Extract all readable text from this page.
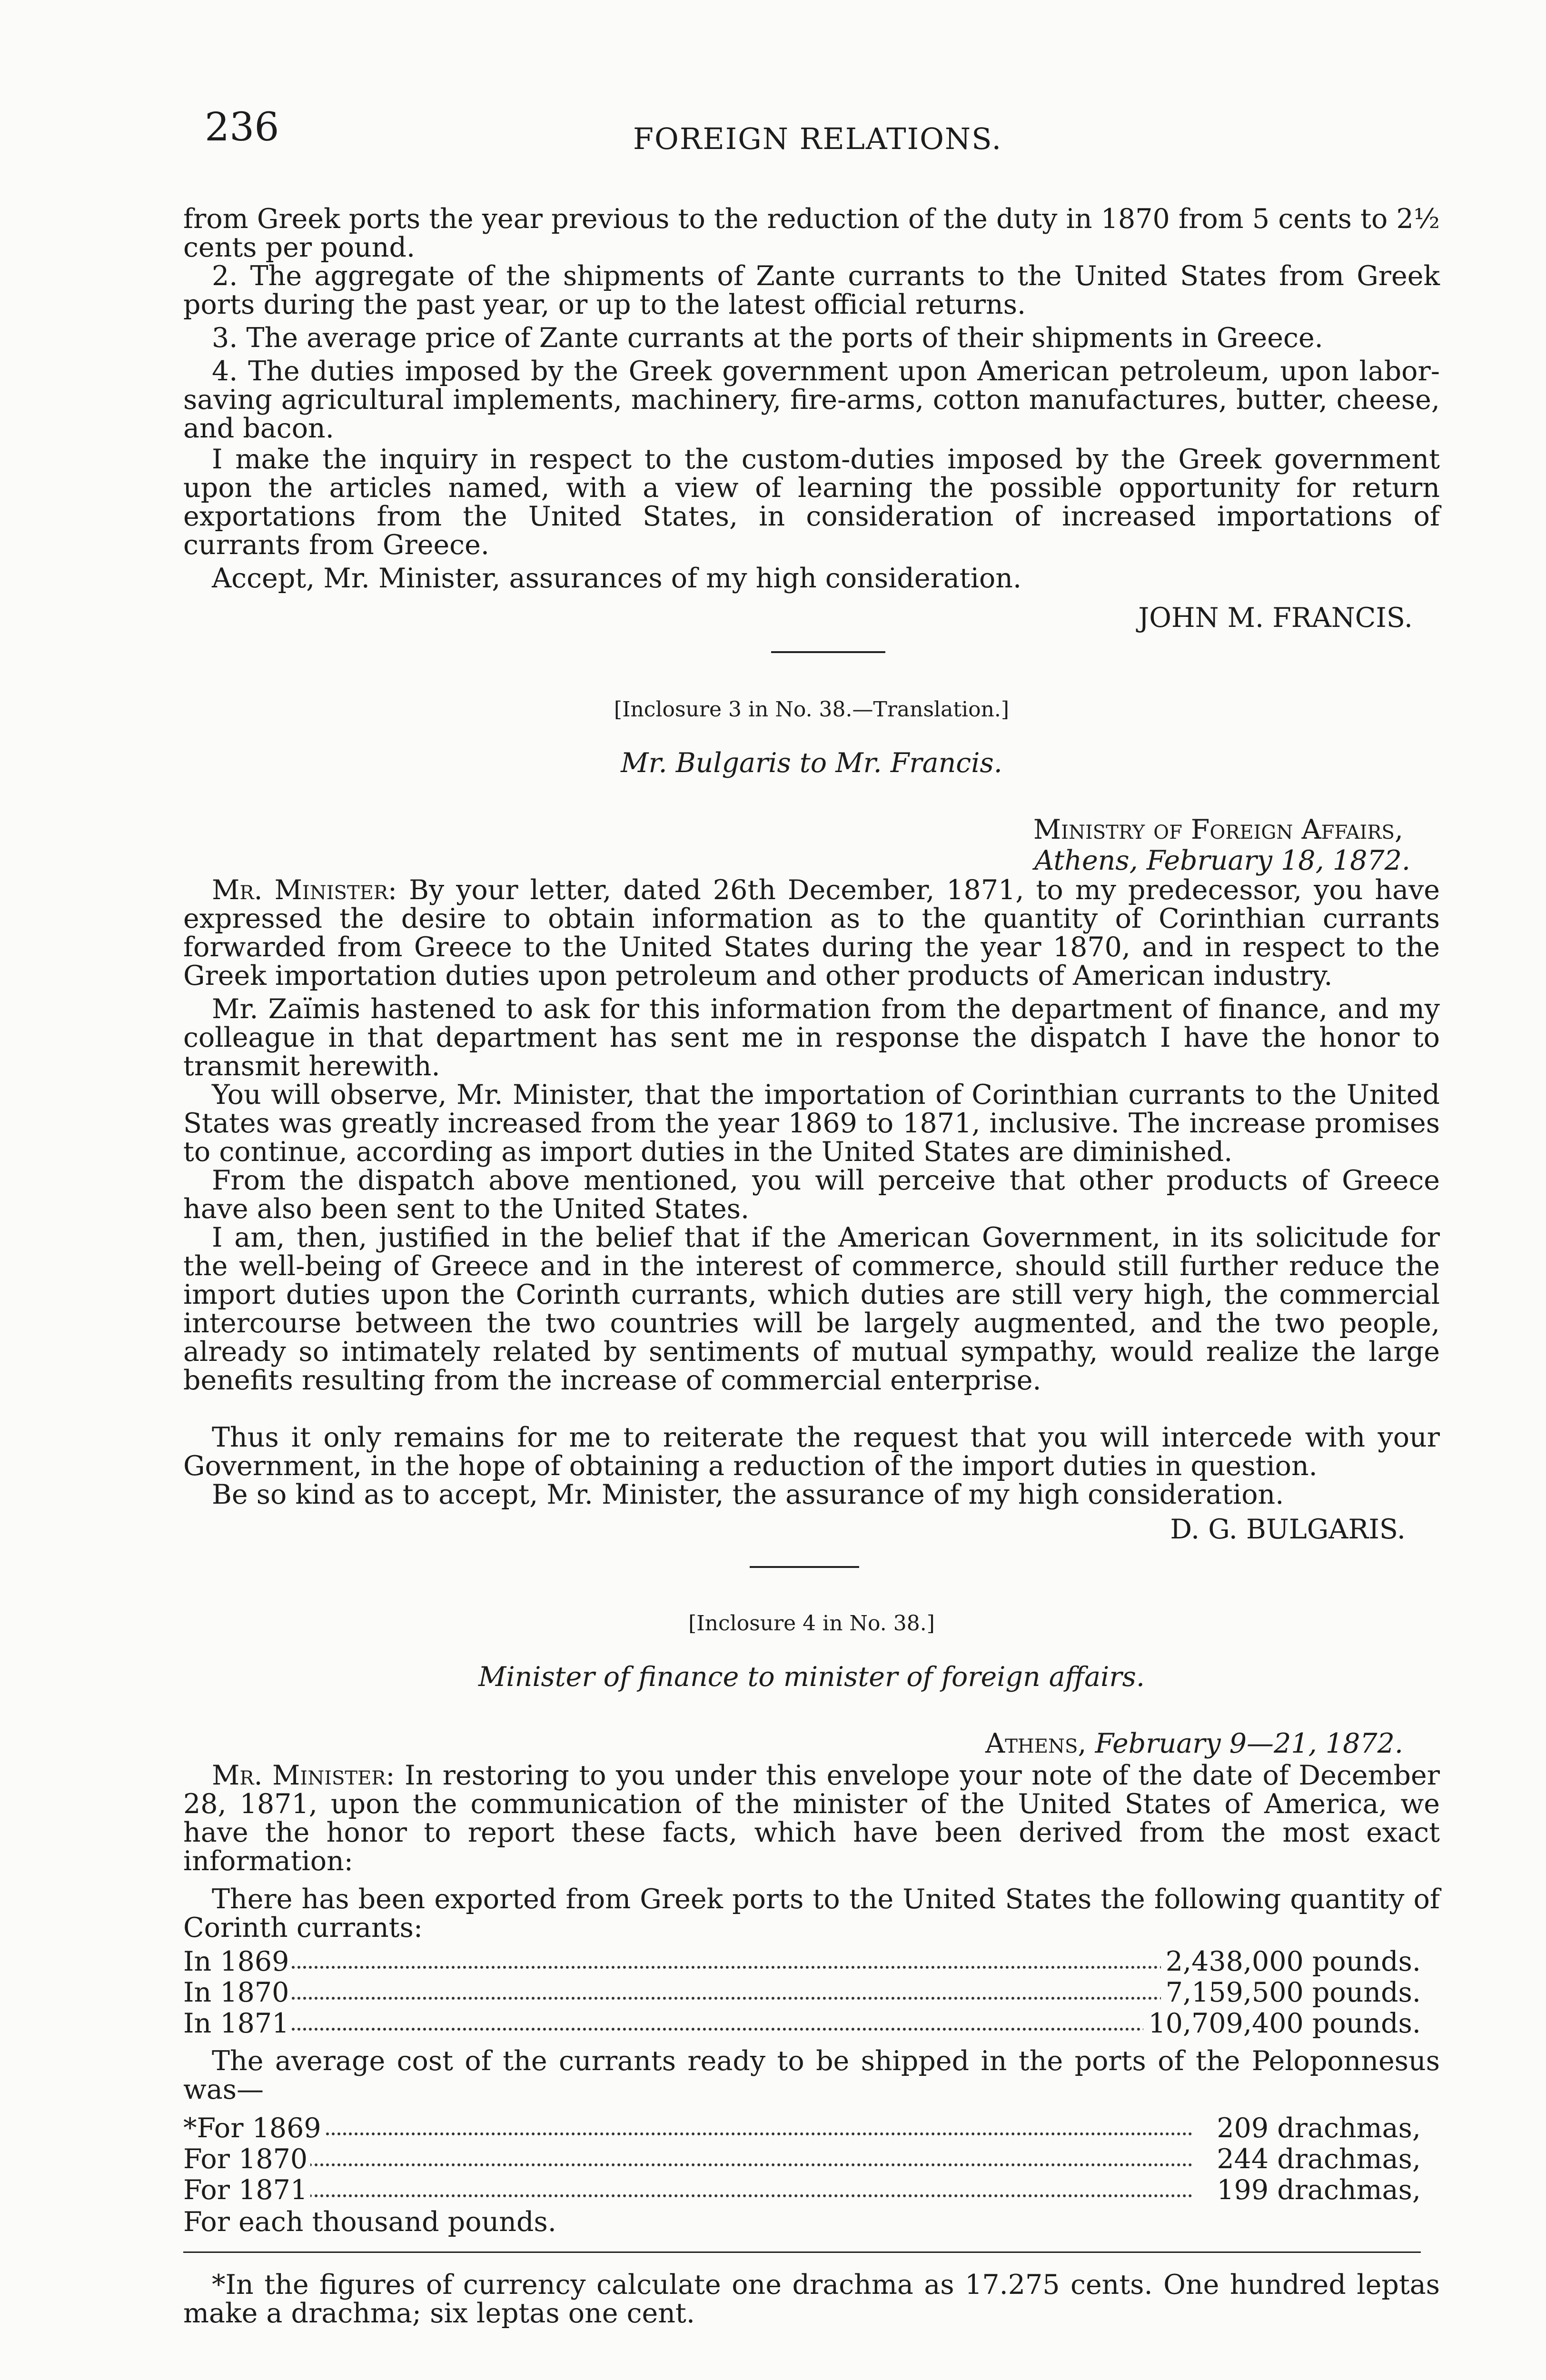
236	FOREIGN RELATIONS.

from Greek ports the year previous to the reduction of the duty in 1870 from 5 cents to 2½ cents per pound.

2. The aggregate of the shipments of Zante currants to the United States from Greek ports during the past year, or up to the latest official returns.

3. The average price of Zante currants at the ports of their shipments in Greece.

4. The duties imposed by the Greek government upon American petroleum, upon labor-saving agricultural implements, machinery, fire-arms, cotton manufactures, butter, cheese, and bacon.

I make the inquiry in respect to the custom-duties imposed by the Greek government upon the articles named, with a view of learning the possible opportunity for return exportations from the United States, in consideration of increased importations of currants from Greece.

Accept, Mr. Minister, assurances of my high consideration.

JOHN M. FRANCIS.
[Inclosure 3 in No. 38.—Translation.]
Mr. Bulgaris to Mr. Francis.
Ministry of Foreign Affairs,
Athens, February 18, 1872.

Mr. Minister: By your letter, dated 26th December, 1871, to my predecessor, you have expressed the desire to obtain information as to the quantity of Corinthian currants forwarded from Greece to the United States during the year 1870, and in respect to the Greek importation duties upon petroleum and other products of American industry.

Mr. Zaïmis hastened to ask for this information from the department of finance, and my colleague in that department has sent me in response the dispatch I have the honor to transmit herewith.

You will observe, Mr. Minister, that the importation of Corinthian currants to the United States was greatly increased from the year 1869 to 1871, inclusive. The increase promises to continue, according as import duties in the United States are diminished.

From the dispatch above mentioned, you will perceive that other products of Greece have also been sent to the United States.

I am, then, justified in the belief that if the American Government, in its solicitude for the well-being of Greece and in the interest of commerce, should still further reduce the import duties upon the Corinth currants, which duties are still very high, the commercial intercourse between the two countries will be largely augmented, and the two people, already so intimately related by sentiments of mutual sympathy, would realize the large benefits resulting from the increase of commercial enterprise.

Thus it only remains for me to reiterate the request that you will intercede with your Government, in the hope of obtaining a reduction of the import duties in question.

Be so kind as to accept, Mr. Minister, the assurance of my high consideration.

D. G. BULGARIS.
[Inclosure 4 in No. 38.]
Minister of finance to minister of foreign affairs.
Athens, February 9—21, 1872.

Mr. Minister: In restoring to you under this envelope your note of the date of December 28, 1871, upon the communication of the minister of the United States of America, we have the honor to report these facts, which have been derived from the most exact information:

There has been exported from Greek ports to the United States the following quantity of Corinth currants:

In 1869	2,438,000 pounds.
In 1870	7,159,500 pounds.
In 1871	10,709,400 pounds.

The average cost of the currants ready to be shipped in the ports of the Peloponnesus was—

*For 1869	209 drachmas,
For 1870	244 drachmas,
For 1871	199 drachmas,

For each thousand pounds.

*In the figures of currency calculate one drachma as 17.275 cents. One hundred leptas make a drachma; six leptas one cent.
